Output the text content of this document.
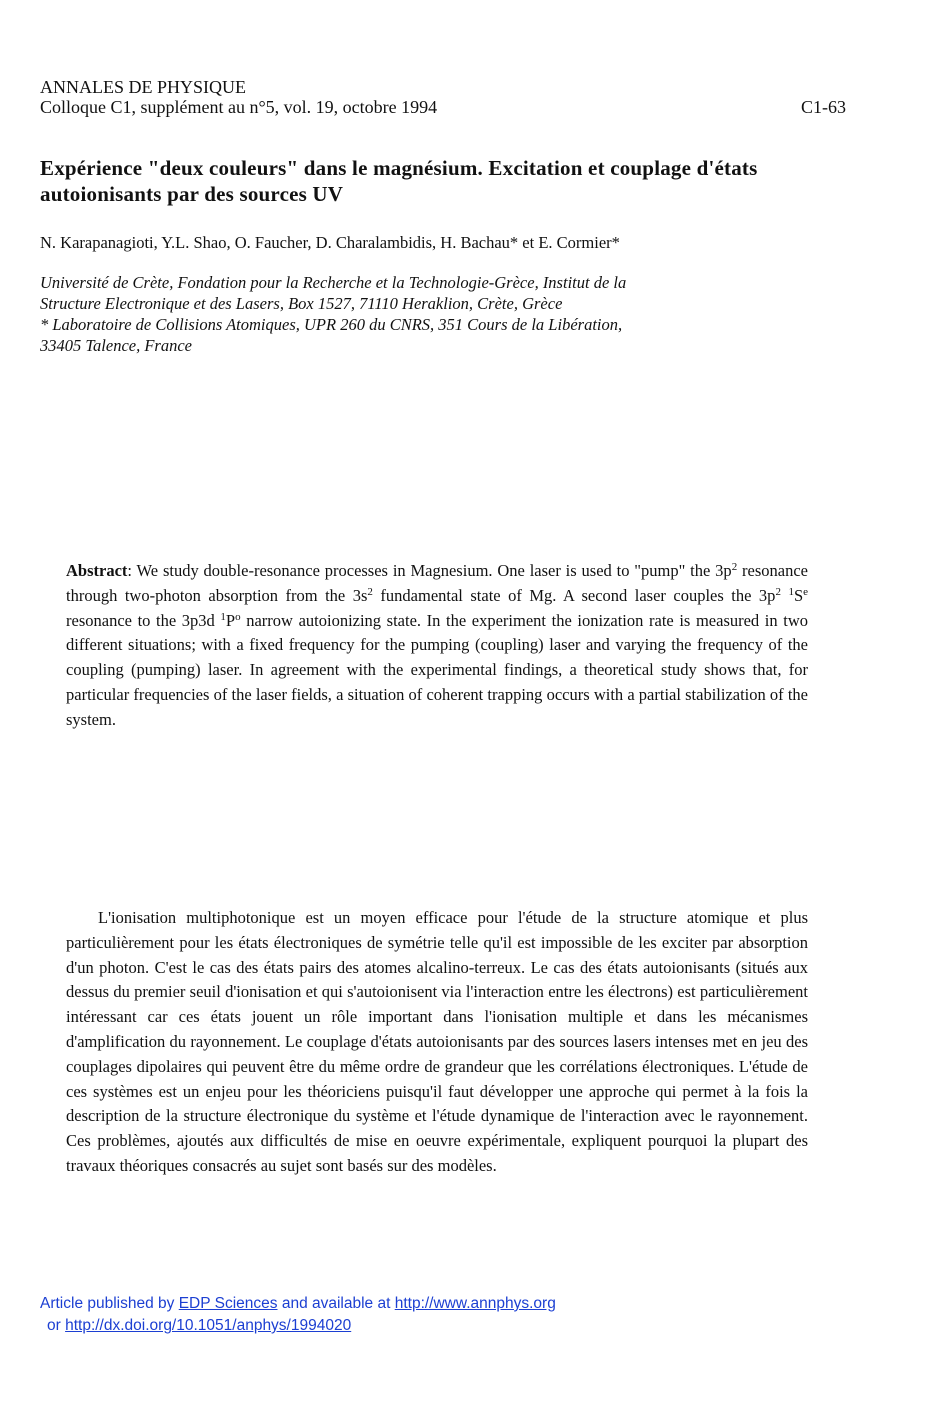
ANNALES DE PHYSIQUE
Colloque C1, supplément au n°5, vol. 19, octobre 1994	C1-63
Expérience "deux couleurs" dans le magnésium. Excitation et couplage d'états autoionisants par des sources UV
N. Karapanagioti, Y.L. Shao, O. Faucher, D. Charalambidis, H. Bachau* et E. Cormier*
Université de Crète, Fondation pour la Recherche et la Technologie-Grèce, Institut de la
Structure Electronique et des Lasers, Box 1527, 71110 Heraklion, Crète, Grèce
* Laboratoire de Collisions Atomiques, UPR 260 du CNRS, 351 Cours de la Libération,
33405 Talence, France
Abstract: We study double-resonance processes in Magnesium. One laser is used to "pump" the $3p^2$ resonance through two-photon absorption from the $3s^2$ fundamental state of Mg. A second laser couples the $3p^2$ $^1S^e$ resonance to the 3p3d $^1P^o$ narrow autoionizing state. In the experiment the ionization rate is measured in two different situations; with a fixed frequency for the pumping (coupling) laser and varying the frequency of the coupling (pumping) laser. In agreement with the experimental findings, a theoretical study shows that, for particular frequencies of the laser fields, a situation of coherent trapping occurs with a partial stabilization of the system.
L'ionisation multiphotonique est un moyen efficace pour l'étude de la structure atomique et plus particulièrement pour les états électroniques de symétrie telle qu'il est impossible de les exciter par absorption d'un photon. C'est le cas des états pairs des atomes alcalino-terreux. Le cas des états autoionisants (situés aux dessus du premier seuil d'ionisation et qui s'autoionisent via l'interaction entre les électrons) est particulièrement intéressant car ces états jouent un rôle important dans l'ionisation multiple et dans les mécanismes d'amplification du rayonnement. Le couplage d'états autoionisants par des sources lasers intenses met en jeu des couplages dipolaires qui peuvent être du même ordre de grandeur que les corrélations électroniques. L'étude de ces systèmes est un enjeu pour les théoriciens puisqu'il faut développer une approche qui permet à la fois la description de la structure électronique du système et l'étude dynamique de l'interaction avec le rayonnement. Ces problèmes, ajoutés aux difficultés de mise en oeuvre expérimentale, expliquent pourquoi la plupart des travaux théoriques consacrés au sujet sont basés sur des modèles.
Article published by EDP Sciences and available at http://www.annphys.org
or http://dx.doi.org/10.1051/anphys/1994020
